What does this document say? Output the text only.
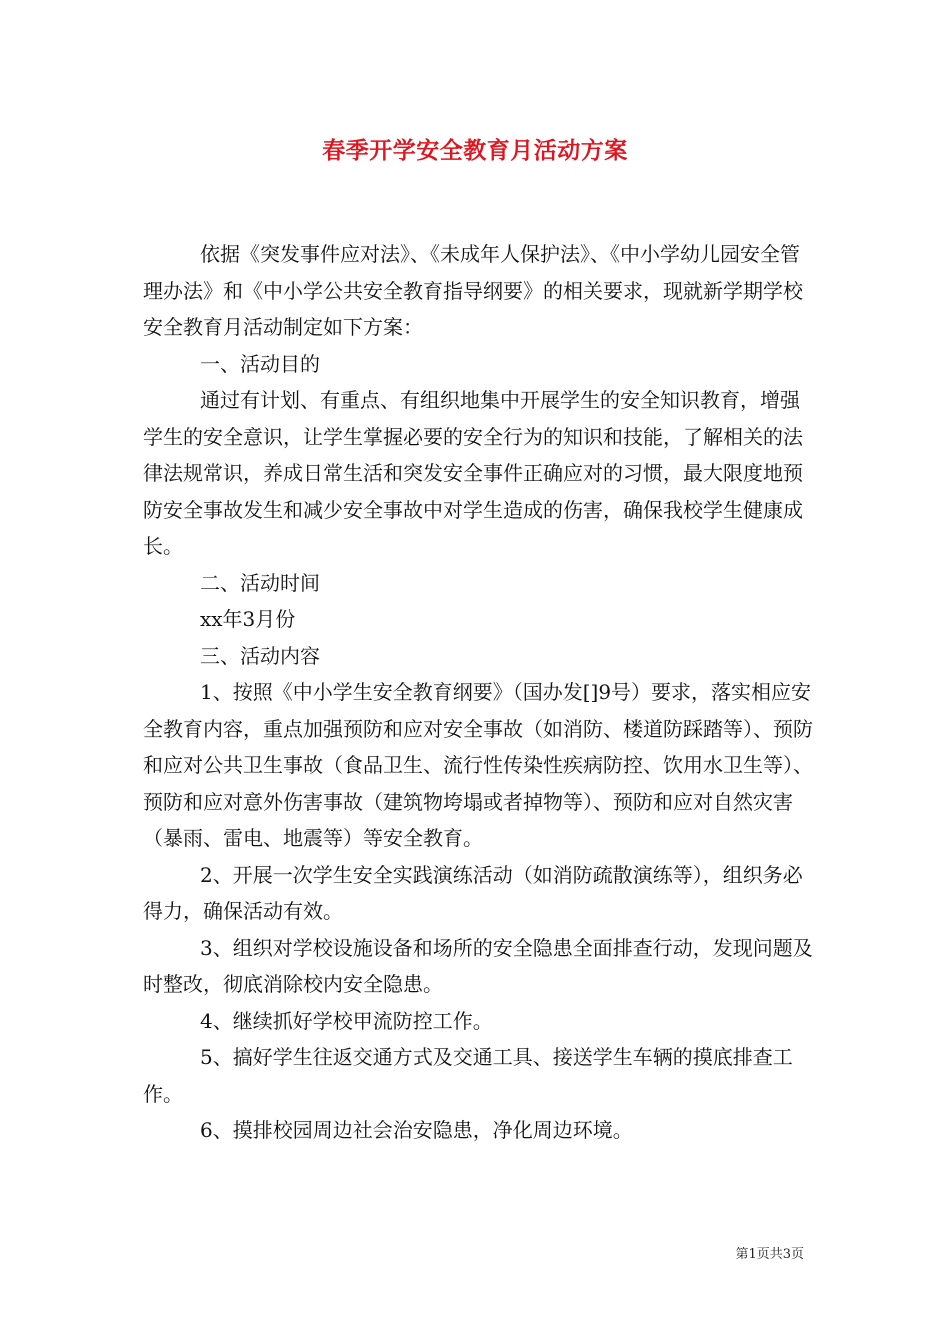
春季开学安全教育月活动方案

依据《突发事件应对法》、《未成年人保护法》、《中小学幼儿园安全管理办法》和《中小学公共安全教育指导纲要》的相关要求，现就新学期学校安全教育月活动制定如下方案：

一、活动目的

通过有计划、有重点、有组织地集中开展学生的安全知识教育，增强学生的安全意识，让学生掌握必要的安全行为的知识和技能，了解相关的法律法规常识，养成日常生活和突发安全事件正确应对的习惯，最大限度地预防安全事故发生和减少安全事故中对学生造成的伤害，确保我校学生健康成长。

二、活动时间

xx年3月份

三、活动内容

1、按照《中小学生安全教育纲要》（国办发[]9号）要求，落实相应安全教育内容，重点加强预防和应对安全事故（如消防、楼道防踩踏等）、预防和应对公共卫生事故（食品卫生、流行性传染性疾病防控、饮用水卫生等）、预防和应对意外伤害事故（建筑物垮塌或者掉物等）、预防和应对自然灾害（暴雨、雷电、地震等）等安全教育。

2、开展一次学生安全实践演练活动（如消防疏散演练等），组织务必得力，确保活动有效。

3、组织对学校设施设备和场所的安全隐患全面排查行动，发现问题及时整改，彻底消除校内安全隐患。

4、继续抓好学校甲流防控工作。

5、搞好学生往返交通方式及交通工具、接送学生车辆的摸底排查工作。

6、摸排校园周边社会治安隐患，净化周边环境。

第1页共3页
